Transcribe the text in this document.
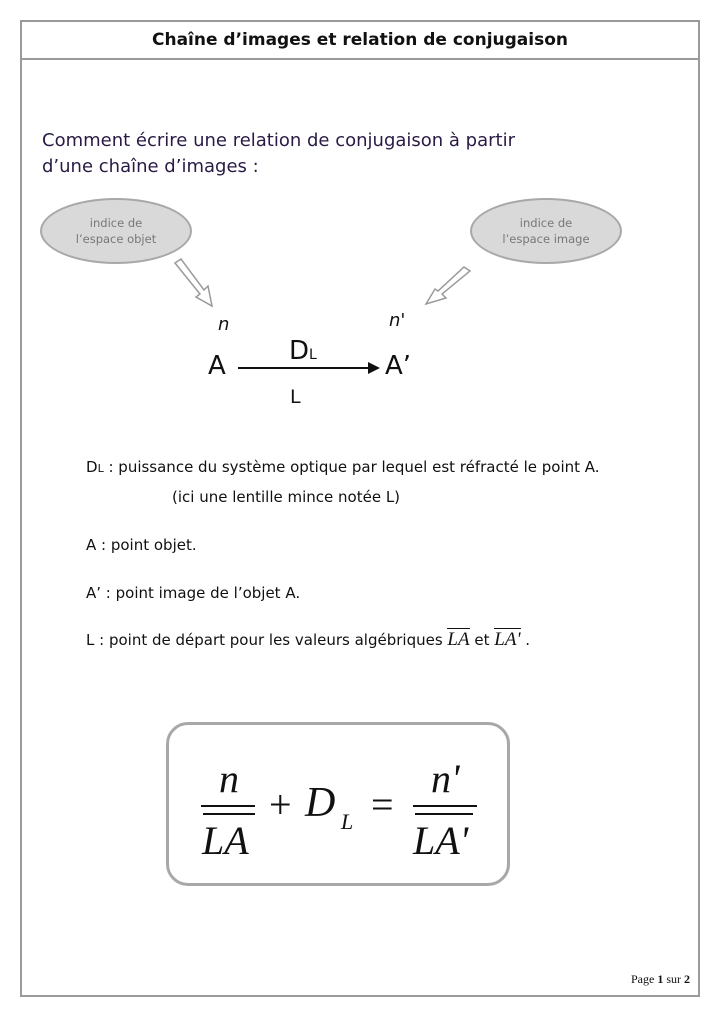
Chaîne d’images et relation de conjugaison
Comment écrire une relation de conjugaison à partir
d’une chaîne d’images :
indice de
l’espace objet
indice de
l’espace image
n	n'
A	A’
DL
L
DL : puissance du système optique par lequel est réfracté le point A.
(ici une lentille mince notée L)
A : point objet.
A’ : point image de l’objet A.
L : point de départ pour les valeurs algébriques LA et LA' .
n
LA
+ D L =
n'
LA'
Page 1 sur 2
